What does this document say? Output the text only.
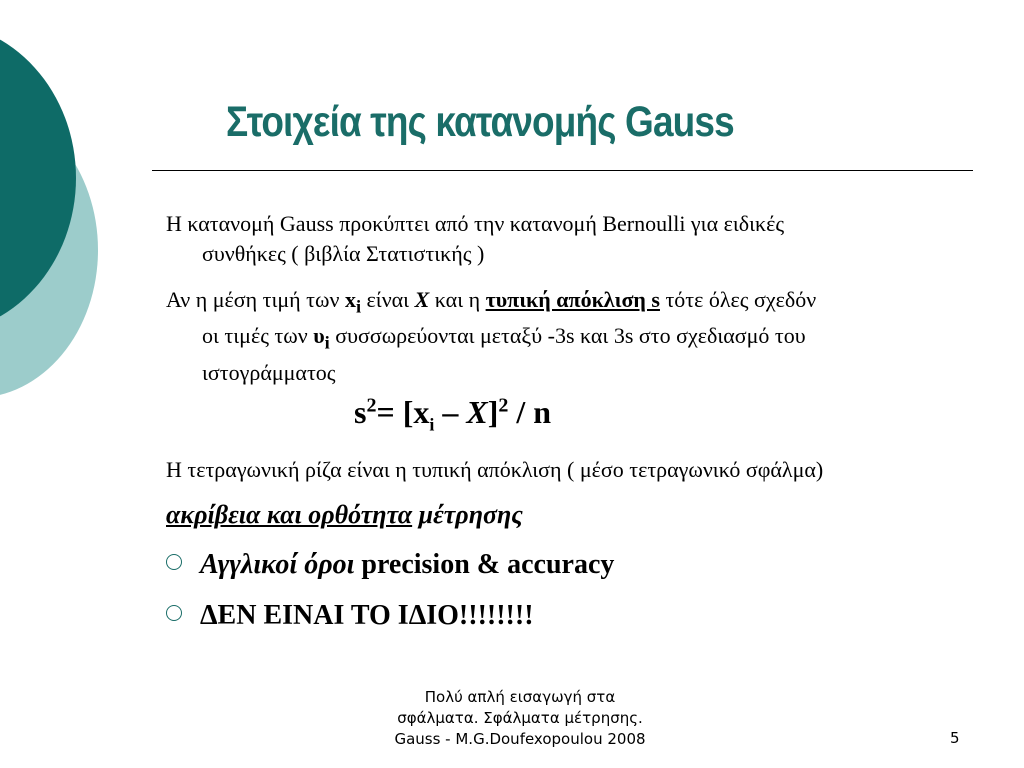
Στοιχεία της κατανομής Gauss
Η κατανομή Gauss προκύπτει από την κατανομή Bernoulli για ειδικές
συνθήκες ( βιβλία Στατιστικής )
Αν η μέση τιμή των $x_i$ είναι X και η τυπική απόκλιση s τότε όλες σχεδόν
οι τιμές των $\upsilon_i$ συσσωρεύονται μεταξύ -3s και 3s στο σχεδιασμό του
ιστογράμματος
$s^2= [x_i - X]^2 / n$
Η τετραγωνική ρίζα είναι η τυπική απόκλιση ( μέσο τετραγωνικό σφάλμα)
ακρίβεια και ορθότητα μέτρησης
Αγγλικοί όροι precision & accuracy
ΔΕΝ ΕΙΝΑΙ ΤΟ ΙΔΙΟ!!!!!!!!
Πολύ απλή εισαγωγή στα
σφάλματα. Σφάλματα μέτρησης.
Gauss - M.G.Doufexopoulou 2008	5
